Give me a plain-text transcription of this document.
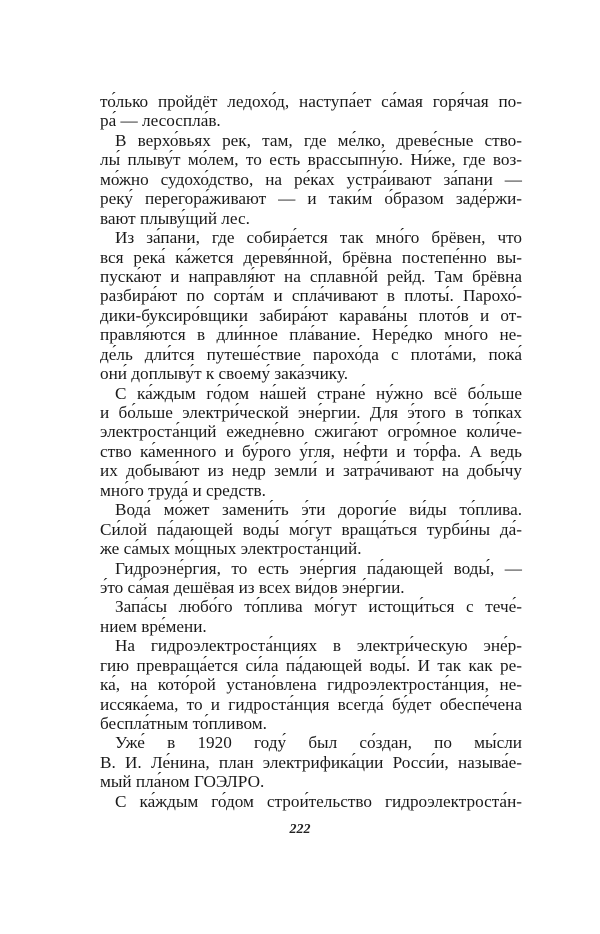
то́лько пройдёт ледохо́д, наступа́ет са́мая горя́чая по-
ра́ — лесоспла́в.
В верхо́вьях рек, там, где ме́лко, древе́сные ство-
лы́ плыву́т мо́лем, то есть врассыпну́ю. Ни́же, где воз-
мо́жно судохо́дство, на ре́ках устра́ивают за́пани —
реку́ перегора́живают — и таки́м о́бразом заде́ржи-
вают плыву́щий лес.
Из за́пани, где собира́ется так мно́го брёвен, что
вся река́ ка́жется деревя́нной, брёвна постепе́нно вы-
пуска́ют и направля́ют на сплавно́й рейд. Там брёвна
разбира́ют по сорта́м и спла́чивают в плоты́. Парохо́-
дики-буксиро́вщики забира́ют карава́ны плото́в и от-
правля́ются в дли́нное пла́вание. Нере́дко мно́го не-
де́ль дли́тся путеше́ствие парохо́да с плота́ми, пока́
они́ доплыву́т к своему́ зака́зчику.
С ка́ждым го́дом на́шей стране́ ну́жно всё бо́льше
и бо́льше электри́ческой эне́ргии. Для э́того в то́пках
электроста́нций ежедне́вно сжига́ют огро́мное коли́че-
ство ка́менного и бу́рого у́гля, не́фти и то́рфа. А ведь
их добыва́ют из недр земли́ и затра́чивают на добы́чу
мно́го труда́ и средств.
Вода́ мо́жет замени́ть э́ти дороги́е ви́ды то́плива.
Си́лой па́дающей воды́ мо́гут враща́ться турби́ны да́-
же са́мых мо́щных электроста́нций.
Гидроэне́ргия, то есть эне́ргия па́дающей воды́, —
э́то са́мая дешёвая из всех ви́дов эне́ргии.
Запа́сы любо́го то́плива мо́гут истощи́ться с тече́-
нием вре́мени.
На гидроэлектроста́нциях в электри́ческую эне́р-
гию превраща́ется си́ла па́дающей воды́. И так как ре-
ка́, на кото́рой устано́влена гидроэлектроста́нция, не-
иссяка́ема, то и гидроста́нция всегда́ бу́дет обеспе́чена
беспла́тным то́пливом.
Уже́ в 1920 году́ был со́здан, по мы́сли
В. И. Ле́нина, план электрифика́ции Росси́и, называ́е-
мый пла́ном ГОЭЛРО.
С ка́ждым го́дом строи́тельство гидроэлектроста́н-
222
